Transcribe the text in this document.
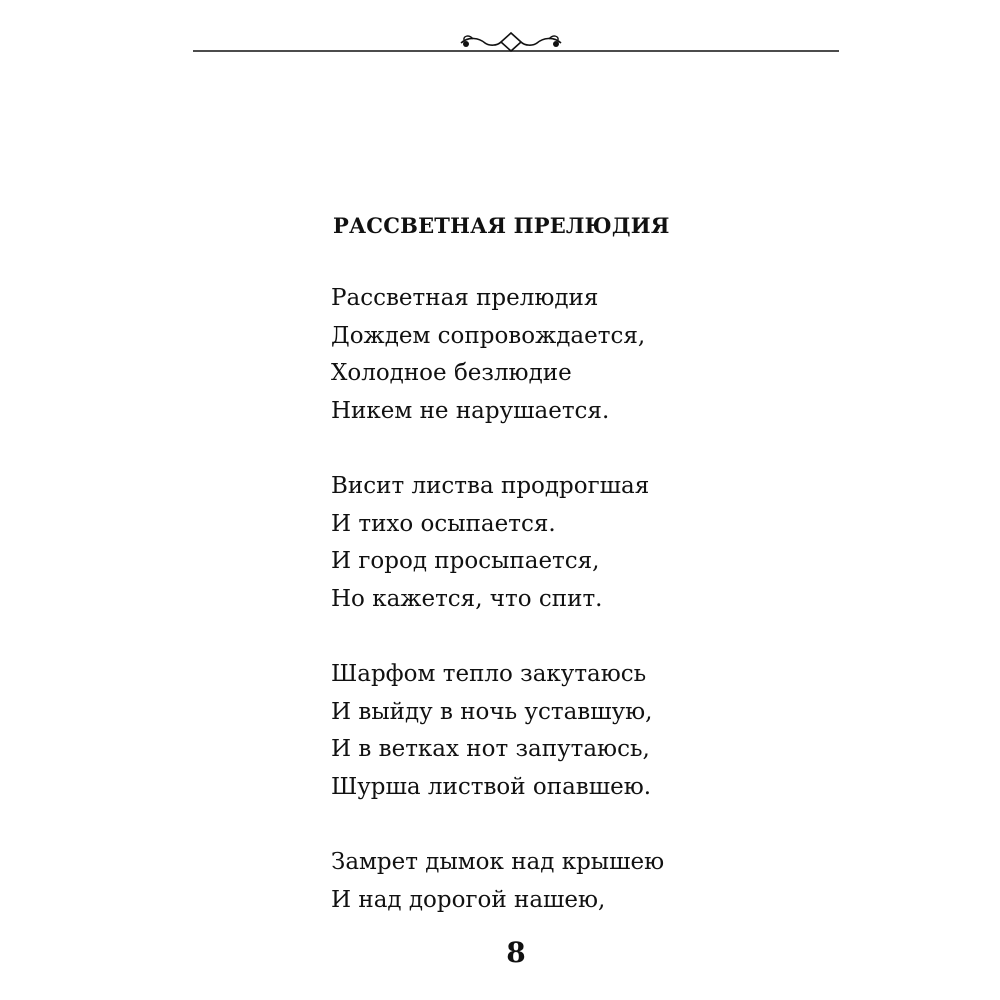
РАССВЕТНАЯ ПРЕЛЮДИЯ
Рассветная прелюдия
Дождем сопровождается,
Холодное безлюдие
Никем не нарушается.
Висит листва продрогшая
И тихо осыпается.
И город просыпается,
Но кажется, что спит.
Шарфом тепло закутаюсь
И выйду в ночь уставшую,
И в ветках нот запутаюсь,
Шурша листвой опавшею.
Замрет дымок над крышею
И над дорогой нашею,
8
